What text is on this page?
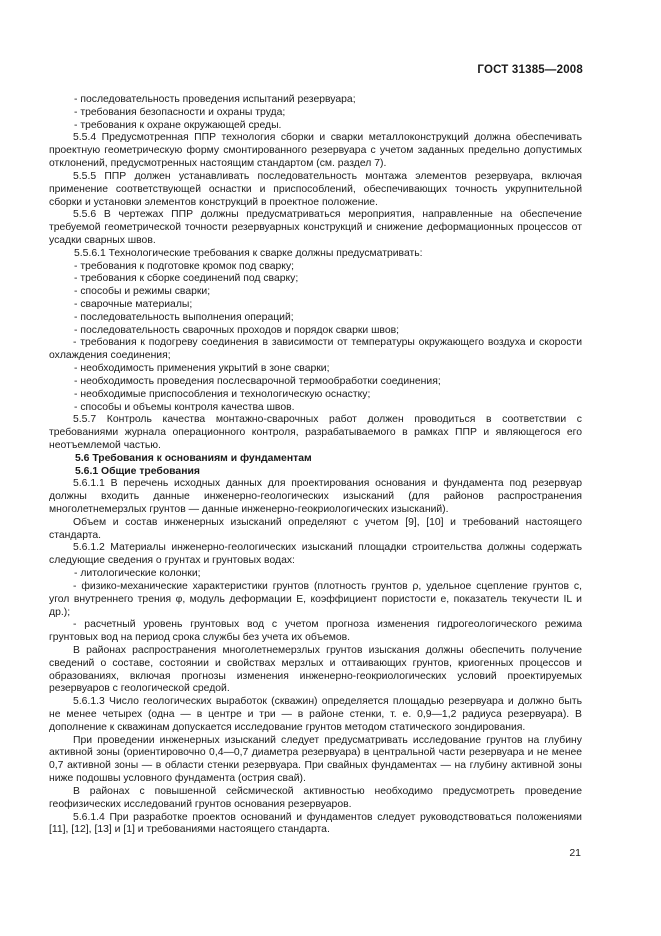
ГОСТ 31385—2008

- последовательность проведения испытаний резервуара;

- требования безопасности и охраны труда;

- требования к охране окружающей среды.

5.5.4 Предусмотренная ППР технология сборки и сварки металлоконструкций должна обеспечивать проектную геометрическую форму смонтированного резервуара с учетом заданных предельно допустимых отклонений, предусмотренных настоящим стандартом (см. раздел 7).

5.5.5 ППР должен устанавливать последовательность монтажа элементов резервуара, включая применение соответствующей оснастки и приспособлений, обеспечивающих точность укрупнительной сборки и установки элементов конструкций в проектное положение.

5.5.6 В чертежах ППР должны предусматриваться мероприятия, направленные на обеспечение требуемой геометрической точности резервуарных конструкций и снижение деформационных процессов от усадки сварных швов.

5.5.6.1 Технологические требования к сварке должны предусматривать:

- требования к подготовке кромок под сварку;

- требования к сборке соединений под сварку;

- способы и режимы сварки;

- сварочные материалы;

- последовательность выполнения операций;

- последовательность сварочных проходов и порядок сварки швов;

- требования к подогреву соединения в зависимости от температуры окружающего воздуха и скорости охлаждения соединения;

- необходимость применения укрытий в зоне сварки;

- необходимость проведения послесварочной термообработки соединения;

- необходимые приспособления и технологическую оснастку;

- способы и объемы контроля качества швов.

5.5.7 Контроль качества монтажно-сварочных работ должен проводиться в соответствии с требованиями журнала операционного контроля, разрабатываемого в рамках ППР и являющегося его неотъемлемой частью.

5.6 Требования к основаниям и фундаментам

5.6.1 Общие требования

5.6.1.1 В перечень исходных данных для проектирования основания и фундамента под резервуар должны входить данные инженерно-геологических изысканий (для районов распространения многолетнемерзлых грунтов — данные инженерно-геокриологических изысканий).

Объем и состав инженерных изысканий определяют с учетом [9], [10] и требований настоящего стандарта.

5.6.1.2 Материалы инженерно-геологических изысканий площадки строительства должны содержать следующие сведения о грунтах и грунтовых водах:

- литологические колонки;

- физико-механические характеристики грунтов (плотность грунтов ρ, удельное сцепление грунтов c, угол внутреннего трения φ, модуль деформации E, коэффициент пористости e, показатель текучести IL и др.);

- расчетный уровень грунтовых вод с учетом прогноза изменения гидрогеологического режима грунтовых вод на период срока службы без учета их объемов.

В районах распространения многолетнемерзлых грунтов изыскания должны обеспечить получение сведений о составе, состоянии и свойствах мерзлых и оттаивающих грунтов, криогенных процессов и образованиях, включая прогнозы изменения инженерно-геокриологических условий проектируемых резервуаров с геологической средой.

5.6.1.3 Число геологических выработок (скважин) определяется площадью резервуара и должно быть не менее четырех (одна — в центре и три — в районе стенки, т. е. 0,9—1,2 радиуса резервуара). В дополнение к скважинам допускается исследование грунтов методом статического зондирования.

При проведении инженерных изысканий следует предусматривать исследование грунтов на глубину активной зоны (ориентировочно 0,4—0,7 диаметра резервуара) в центральной части резервуара и не менее 0,7 активной зоны — в области стенки резервуара. При свайных фундаментах — на глубину активной зоны ниже подошвы условного фундамента (острия свай).

В районах с повышенной сейсмической активностью необходимо предусмотреть проведение геофизических исследований грунтов основания резервуаров.

5.6.1.4 При разработке проектов оснований и фундаментов следует руководствоваться положениями [11], [12], [13] и [1] и требованиями настоящего стандарта.

21
